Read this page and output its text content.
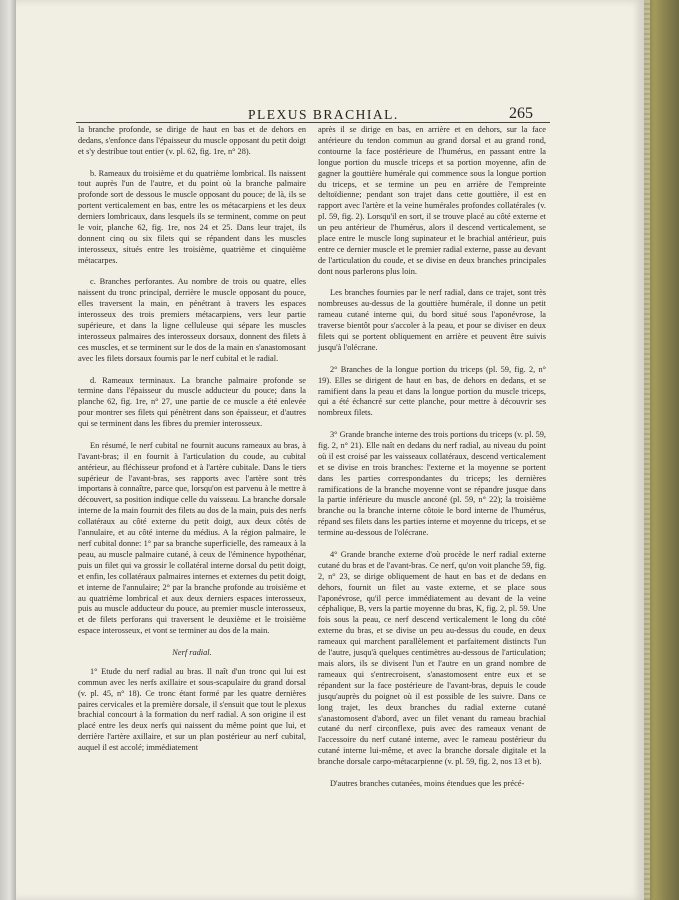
PLEXUS BRACHIAL.	265

la branche profonde, se dirige de haut en bas et de dehors en dedans, s'enfonce dans l'épaisseur du muscle opposant du petit doigt et s'y destribue tout entier (v. pl. 62, fig. 1re, n° 28).

b. Rameaux du troisième et du quatrième lombrical. Ils naissent tout auprès l'un de l'autre, et du point où la branche palmaire profonde sort de dessous le muscle opposant du pouce; de là, ils se portent verticalement en bas, entre les os métacarpiens et les deux derniers lombricaux, dans lesquels ils se terminent, comme on peut le voir, planche 62, fig. 1re, nos 24 et 25. Dans leur trajet, ils donnent cinq ou six filets qui se répandent dans les muscles interosseux, situés entre les troisième, quatrième et cinquième métacarpes.

c. Branches perforantes. Au nombre de trois ou quatre, elles naissent du tronc principal, derrière le muscle opposant du pouce, elles traversent la main, en pénétrant à travers les espaces interosseux des trois premiers métacarpiens, vers leur partie supérieure, et dans la ligne celluleuse qui sépare les muscles interosseux palmaires des interosseux dorsaux, donnent des filets à ces muscles, et se terminent sur le dos de la main en s'anastomosant avec les filets dorsaux fournis par le nerf cubital et le radial.

d. Rameaux terminaux. La branche palmaire profonde se termine dans l'épaisseur du muscle adducteur du pouce; dans la planche 62, fig. 1re, n° 27, une partie de ce muscle a été enlevée pour montrer ses filets qui pénètrent dans son épaisseur, et d'autres qui se terminent dans les fibres du premier interosseux.

En résumé, le nerf cubital ne fournit aucuns rameaux au bras, à l'avant-bras; il en fournit à l'articulation du coude, au cubital antérieur, au fléchisseur profond et à l'artère cubitale. Dans le tiers supérieur de l'avant-bras, ses rapports avec l'artère sont très importans à connaître, parce que, lorsqu'on est parvenu à le mettre à découvert, sa position indique celle du vaisseau. La branche dorsale interne de la main fournit des filets au dos de la main, puis des nerfs collatéraux au côté externe du petit doigt, aux deux côtés de l'annulaire, et au côté interne du médius. A la région palmaire, le nerf cubital donne: 1° par sa branche superficielle, des rameaux à la peau, au muscle palmaire cutané, à ceux de l'éminence hypothénar, puis un filet qui va grossir le collatéral interne dorsal du petit doigt, et enfin, les collatéraux palmaires internes et externes du petit doigt, et interne de l'annulaire; 2° par la branche profonde au troisième et au quatrième lombrical et aux deux derniers espaces interosseux, puis au muscle adducteur du pouce, au premier muscle interosseux, et de filets perforans qui traversent le deuxième et le troisième espace interosseux, et vont se terminer au dos de la main.

Nerf radial.

1° Etude du nerf radial au bras. Il naît d'un tronc qui lui est commun avec les nerfs axillaire et sous-scapulaire du grand dorsal (v. pl. 45, n° 18). Ce tronc étant formé par les quatre dernières paires cervicales et la première dorsale, il s'ensuit que tout le plexus brachial concourt à la formation du nerf radial. A son origine il est placé entre les deux nerfs qui naissent du même point que lui, et derrière l'artère axillaire, et sur un plan postérieur au nerf cubital, auquel il est accolé; immédiatement

après il se dirige en bas, en arrière et en dehors, sur la face antérieure du tendon commun au grand dorsal et au grand rond, contourne la face postérieure de l'humérus, en passant entre la longue portion du muscle triceps et sa portion moyenne, afin de gagner la gouttière humérale qui commence sous la longue portion du triceps, et se termine un peu en arrière de l'empreinte deltoïdienne; pendant son trajet dans cette gouttière, il est en rapport avec l'artère et la veine humérales profondes collatérales (v. pl. 59, fig. 2). Lorsqu'il en sort, il se trouve placé au côté externe et un peu antérieur de l'humérus, alors il descend verticalement, se place entre le muscle long supinateur et le brachial antérieur, puis entre ce dernier muscle et le premier radial externe, passe au devant de l'articulation du coude, et se divise en deux branches principales dont nous parlerons plus loin.

Les branches fournies par le nerf radial, dans ce trajet, sont très nombreuses au-dessus de la gouttière humérale, il donne un petit rameau cutané interne qui, du bord situé sous l'aponévrose, la traverse bientôt pour s'accoler à la peau, et pour se diviser en deux filets qui se portent obliquement en arrière et peuvent être suivis jusqu'à l'olécrane.

2° Branches de la longue portion du triceps (pl. 59, fig. 2, n° 19). Elles se dirigent de haut en bas, de dehors en dedans, et se ramifient dans la peau et dans la longue portion du muscle triceps, qui a été échancré sur cette planche, pour mettre à découvrir ses nombreux filets.

3° Grande branche interne des trois portions du triceps (v. pl. 59, fig. 2, n° 21). Elle naît en dedans du nerf radial, au niveau du point où il est croisé par les vaisseaux collatéraux, descend verticalement et se divise en trois branches: l'externe et la moyenne se portent dans les parties correspondantes du triceps; les dernières ramifications de la branche moyenne vont se répandre jusque dans la partie inférieure du muscle anconé (pl. 59, n° 22); la troisième branche ou la branche interne côtoie le bord interne de l'humérus, répand ses filets dans les parties interne et moyenne du triceps, et se termine au-dessous de l'olécrane.

4° Grande branche externe d'où procède le nerf radial externe cutané du bras et de l'avant-bras. Ce nerf, qu'on voit planche 59, fig. 2, n° 23, se dirige obliquement de haut en bas et de dedans en dehors, fournit un filet au vaste externe, et se place sous l'aponévrose, qu'il perce immédiatement au devant de la veine céphalique, B, vers la partie moyenne du bras, K, fig. 2, pl. 59. Une fois sous la peau, ce nerf descend verticalement le long du côté externe du bras, et se divise un peu au-dessus du coude, en deux rameaux qui marchent parallèlement et parfaitement distincts l'un de l'autre, jusqu'à quelques centimètres au-dessous de l'articulation; mais alors, ils se divisent l'un et l'autre en un grand nombre de rameaux qui s'entrecroisent, s'anastomosent entre eux et se répandent sur la face postérieure de l'avant-bras, depuis le coude jusqu'auprès du poignet où il est possible de les suivre. Dans ce long trajet, les deux branches du radial externe cutané s'anastomosent d'abord, avec un filet venant du rameau brachial cutané du nerf circonflexe, puis avec des rameaux venant de l'accessoire du nerf cutané interne, avec le rameau postérieur du cutané interne lui-même, et avec la branche dorsale digitale et la branche dorsale carpo-métacarpienne (v. pl. 59, fig. 2, nos 13 et b).

D'autres branches cutanées, moins étendues que les précé-
